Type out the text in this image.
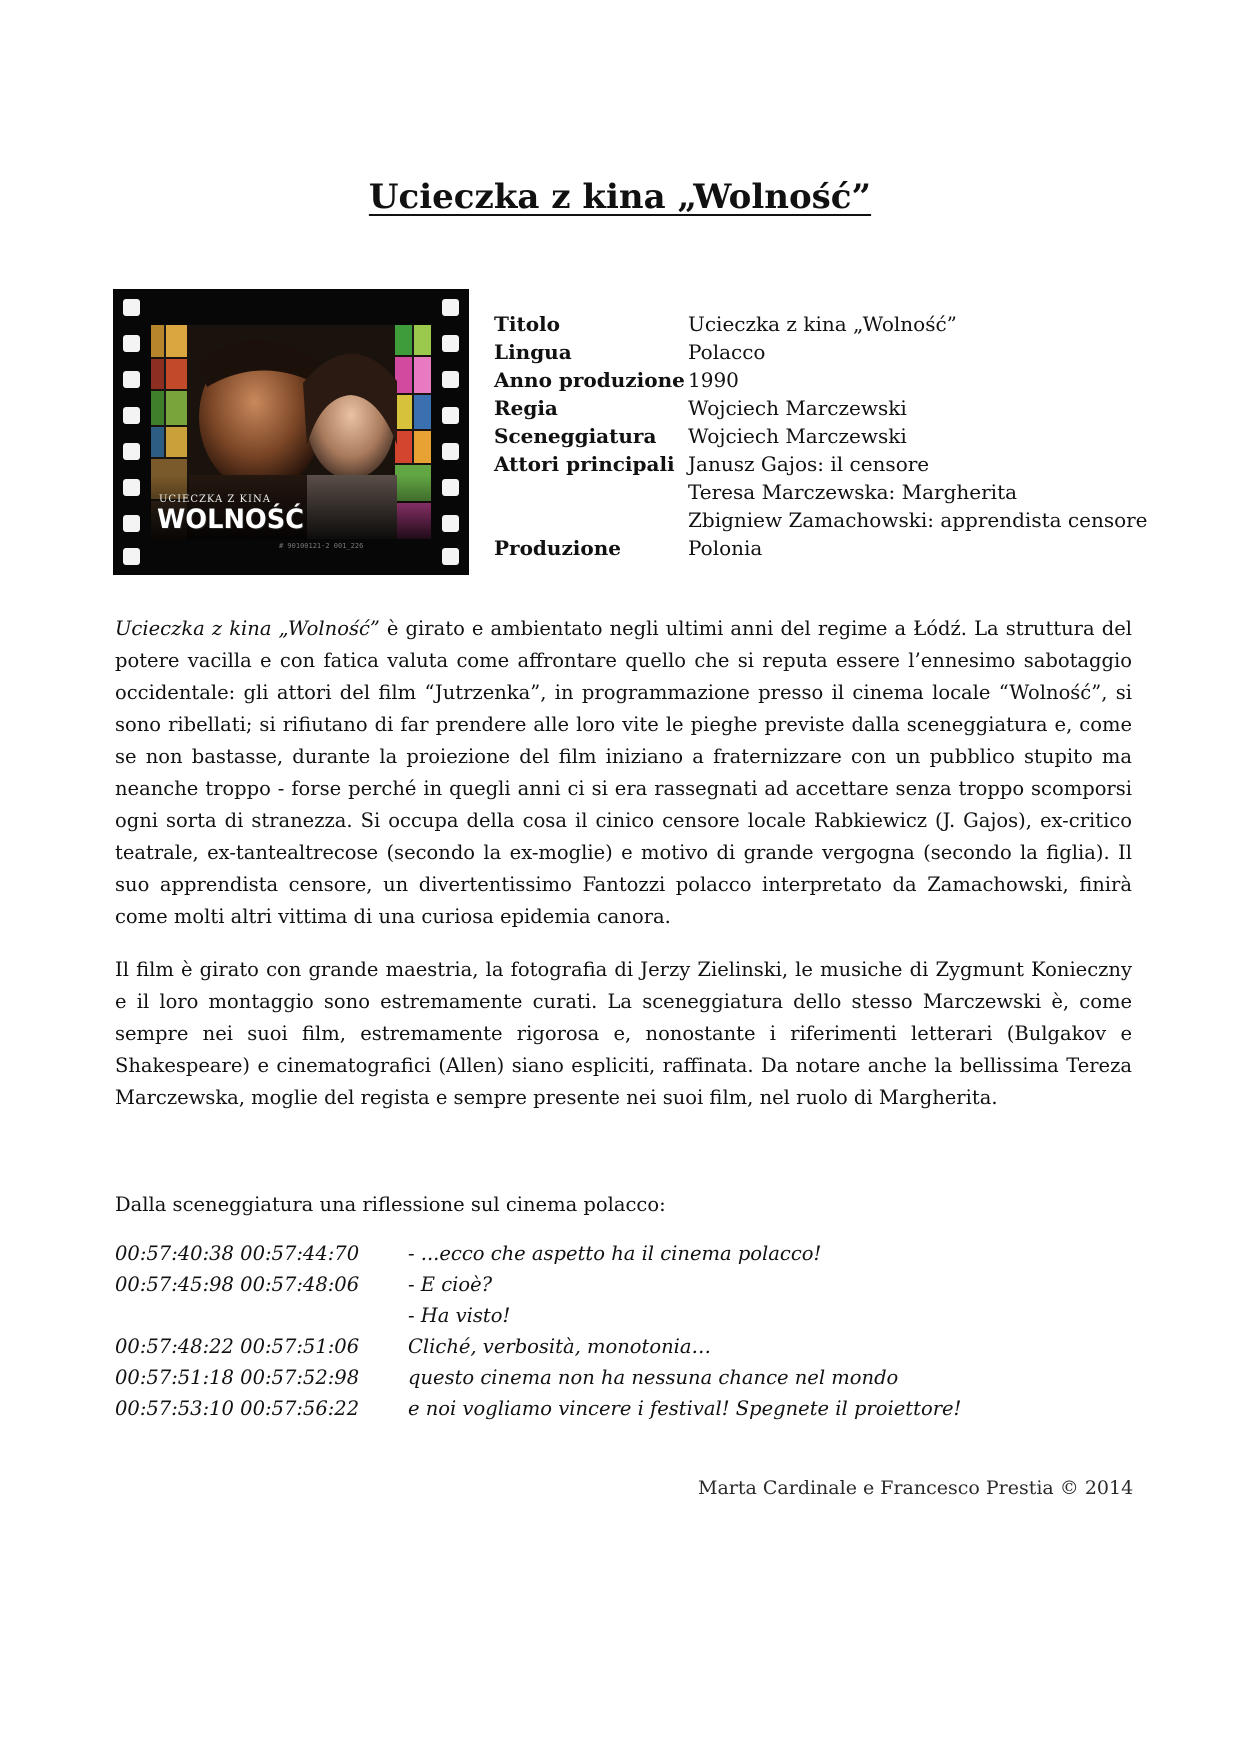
Ucieczka z kina „Wolność”
UCIECZKA Z KINA
WOLNOŚĆ
# 90100121-2 001_226
Titolo	Ucieczka z kina „Wolność”
Lingua	Polacco
Anno produzione	1990
Regia	Wojciech Marczewski
Sceneggiatura	Wojciech Marczewski
Attori principali	Janusz Gajos: il censore
	Teresa Marczewska: Margherita
	Zbigniew Zamachowski: apprendista censore
Produzione	Polonia

Ucieczka z kina „Wolność” è girato e ambientato negli ultimi anni del regime a Łódź. La struttura del potere vacilla e con fatica valuta come affrontare quello che si reputa essere l’ennesimo sabotaggio occidentale: gli attori del film “Jutrzenka”, in programmazione presso il cinema locale “Wolność”, si sono ribellati; si rifiutano di far prendere alle loro vite le pieghe previste dalla sceneggiatura e, come se non bastasse, durante la proiezione del film iniziano a fraternizzare con un pubblico stupito ma neanche troppo - forse perché in quegli anni ci si era rassegnati ad accettare senza troppo scomporsi ogni sorta di stranezza. Si occupa della cosa il cinico censore locale Rabkiewicz (J. Gajos), ex-critico teatrale, ex-tantealtrecose (secondo la ex-moglie) e motivo di grande vergogna (secondo la figlia). Il suo apprendista censore, un divertentissimo Fantozzi polacco interpretato da Zamachowski, finirà come molti altri vittima di una curiosa epidemia canora.

Il film è girato con grande maestria, la fotografia di Jerzy Zielinski, le musiche di Zygmunt Konieczny e il loro montaggio sono estremamente curati. La sceneggiatura dello stesso Marczewski è, come sempre nei suoi film, estremamente rigorosa e, nonostante i riferimenti letterari (Bulgakov e Shakespeare) e cinematografici (Allen) siano espliciti, raffinata. Da notare anche la bellissima Tereza Marczewska, moglie del regista e sempre presente nei suoi film, nel ruolo di Margherita.

Dalla sceneggiatura una riflessione sul cinema polacco:

00:57:40:38 00:57:44:70	- ...ecco che aspetto ha il cinema polacco!
00:57:45:98 00:57:48:06	- E cioè?
- Ha visto!
00:57:48:22 00:57:51:06	Cliché, verbosità, monotonia…
00:57:51:18 00:57:52:98	questo cinema non ha nessuna chance nel mondo
00:57:53:10 00:57:56:22	e noi vogliamo vincere i festival! Spegnete il proiettore!

Marta Cardinale e Francesco Prestia © 2014
